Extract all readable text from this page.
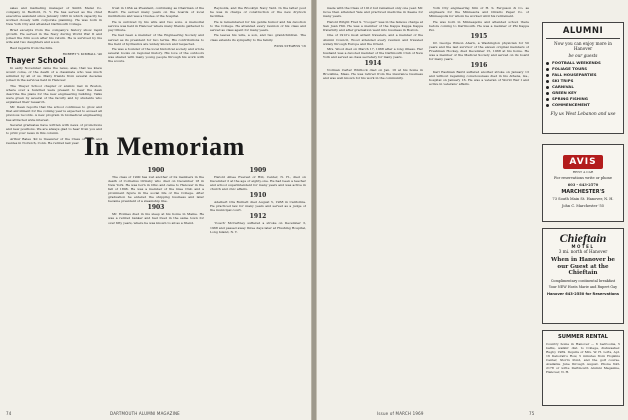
sales and marketing manager of Smith Metal Co. company in Bedford, N. Y. He has served as the chief executive assistant since January 1963 in which capacity he worked closely with corporate planning. He was born in New York City and attended Dartmouth College.

Brief excerpts from the company's history show rapid growth. He served in the Navy during World War II and joined the firm soon after his return. He is survived by his wife and two daughters and a son.

Best regards from the hills.

ROBERT Y. KIMBALL '40
Thayer School

In early November came the news, alas, that we knew would come, of the death of a classmate who was much admired by all of us. Many friends from several decades joined in the services held in Hanover.

The Thayer School chapter of alumni met in Boston, where over a hundred were present to hear the dean describe the plans for the new engineering building. Talks were given by several of the faculty and by students who explained their research.

Mr. Dean reports that the school continues to grow and that enrollment for the coming year is expected to exceed all previous records. A new program in biomedical engineering has attracted wide interest.

Several graduates have written with news of promotions and new positions. We are always glad to hear from you and to print your news in this column.

Arthur Bates '40 is treasurer of the Class of 1908 and resides in Norwich, Conn. He retired last year.

trust in 1954 as President, continuing as Chairman of the Board. He served many years on the boards of local institutions and was a trustee of the hospital.

He is survived by his wife and two sons. A memorial service was held in Hanover where many friends gathered to pay tribute.

He had been a member of the Engineering Society and served as its president for two terms. His contributions to the field of hydraulics are widely known and respected.

He was a founder of the local historical society and wrote several books on regional history. His love of the outdoors was shared with many young people through his work with the scouts.

Reynolds, and the Brooklyn Navy Yard. In the latter post he was in charge of construction of the new drydock facilities.

He is remembered for his gentle humor and his devotion to the College. He attended every reunion of his class and served as class agent for many years.

He leaves his wife, a son, and two grandchildren. The class extends its sympathy to the family.

RUSS STEARNS '16
In Memoriam
1900

The class of 1900 has lost another of its members in the death of Cornelius Ormsby who died on December 18 in New York. He was born in Ohio and came to Hanover in the fall of 1896. He was a member of the Glee Club and a prominent figure in the social life of the College. After graduation he entered the shipping business and later became president of a steamship line.

1903

Mr. Holmes died in his sleep at his home in Maine. He was a retired banker and had lived in the same town for over fifty years, where he was known to all as a friend.

1909

Harold Albee Everest of Hill, Center, N. H., died on December 2 at the age of eighty-one. He had been a teacher and school superintendent for many years and was active in church and civic affairs.

1910

Adelbert Ora Burnett died August 5, 1968 in California. He practiced law for many years and served as a judge of the municipal court.

1912

'Coach' McCartney suffered a stroke on December 3, 1968 and passed away three days later at Flushing Hospital, Long Island, N. Y.

74	DARTMOUTH ALUMNI MAGAZINE

made with the Class of 1912 but remained only one year. Mr. Gove then attended Yale and practiced medicine in Keene for many years.

Harold Wright Fred S. "Cooper" was in the famous charge at San Juan Hill. He was a member of the Kappa Kappa Kappa fraternity and after graduation went into business in Boston.

One of 1912's most ardent travelers, and a member of the Alumni Council, Wood attended every reunion and traveled widely through Europe and the Orient.

Mrs. Wood died on March 17, 1968 after a long illness. Her husband was a devoted member of the Dartmouth Club of New York and served as class secretary for many years.

1914

Norman Carter Whitlock died on Jan. 16 at his home in Brookline, Mass. He was retired from the insurance business and was well known for his work in the community.

York City engineering firm of H. S. Ferguson & Co. as engineers for the Minnesota and Ontario Paper Co. of Minneapolis for whom he worked until his retirement.

He was born in Minneapolis and attended school there before coming to Dartmouth. He was a member of Phi Kappa Psi.

1915

Dr. George Wilson Ahern, a Washington physician for 50 years and the last survivor of the eleven original members of Freshman Hockey, died December 15, 1968 at his home. He was a member of the Medical Society and served on its board for many years.

1916

Karl Eastman Baird suffered another stroke on January 13 and without regaining consciousness died in his Athens, Ga., hospital on January 16. He was a veteran of World War I and active in veterans' affairs.

Issue of MARCH 1969	75
ALUMNI
Now you can enjoy more in Hanover
be our guests
FOOTBALL WEEKENDS
FOLIAGE TOURS
FALL HOUSEPARTIES
SKI TRIPS
CARNIVAL
GREEN KEY
SPRING FISHING
COMMENCEMENT
Fly us West Lebanon and use
AVIS
RENT A CAR
For reservations write or phone
603 - 643-2570
MARCHESTER'S
73 South Main St. Hanover, N. H.
John C. Marchester '55
Chieftain
MOTEL
3 mi. north of Hanover
When in Hanover be our Guest at the Chieftain
Complimentary continental breakfast
Your NEW Hosts Marie and Rupert Gay
Hanover 643-2550 for Reservations
SUMMER RENTAL
Country home in Hanover — 6 bedrooms, 5 baths, walkin' dist. to College, dishwasher. Rugby 1969. Inquire of Mrs. W. H. Lofts, Apt. 16 Deborah's Row, 5 minutes from Hopkins Center, Storrs Pond, and the golf course. Available June through August. Phone 643-2178 or write Dartmouth Alumni Magazine, Hanover, N. H.
